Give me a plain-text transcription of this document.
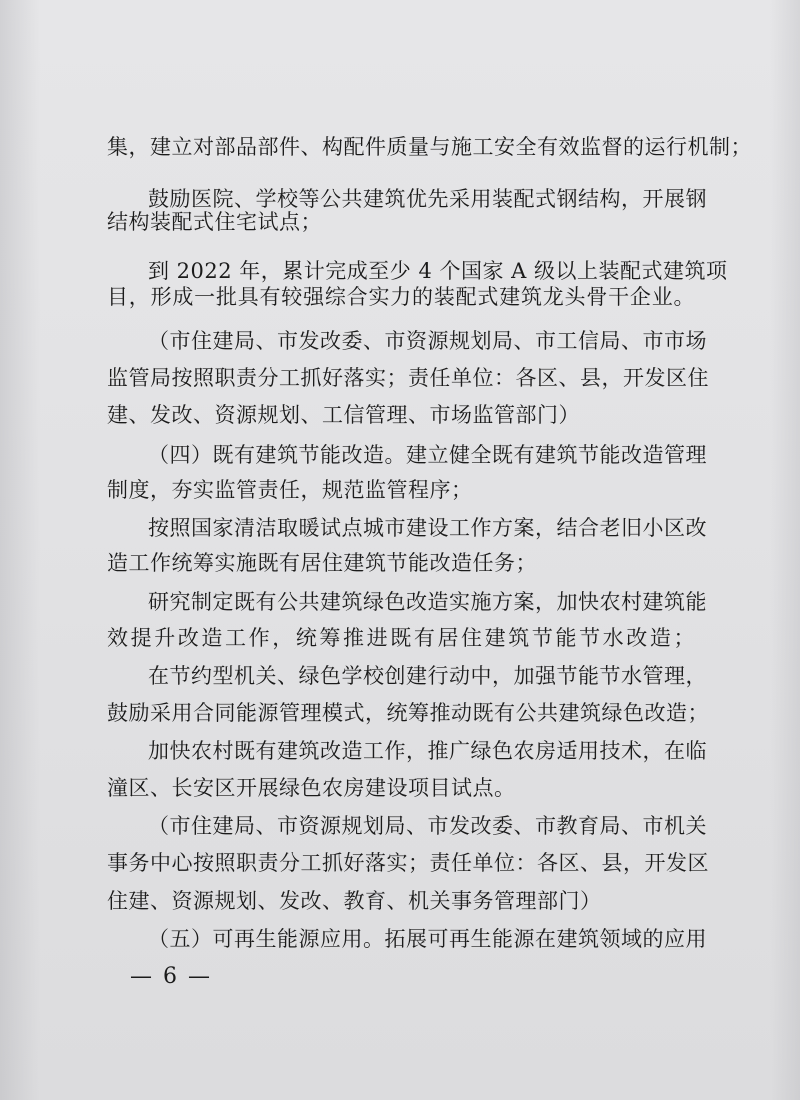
集，建立对部品部件、构配件质量与施工安全有效监督的运行机制；

鼓励医院、学校等公共建筑优先采用装配式钢结构，开展钢

结构装配式住宅试点；

到 2022 年，累计完成至少 4 个国家 A 级以上装配式建筑项

目，形成一批具有较强综合实力的装配式建筑龙头骨干企业。

（市住建局、市发改委、市资源规划局、市工信局、市市场

监管局按照职责分工抓好落实；责任单位：各区、县，开发区住

建、发改、资源规划、工信管理、市场监管部门）

（四）既有建筑节能改造。建立健全既有建筑节能改造管理

制度，夯实监管责任，规范监管程序；

按照国家清洁取暖试点城市建设工作方案，结合老旧小区改

造工作统筹实施既有居住建筑节能改造任务；

研究制定既有公共建筑绿色改造实施方案，加快农村建筑能

效提升改造工作，统筹推进既有居住建筑节能节水改造；

在节约型机关、绿色学校创建行动中，加强节能节水管理，

鼓励采用合同能源管理模式，统筹推动既有公共建筑绿色改造；

加快农村既有建筑改造工作，推广绿色农房适用技术，在临

潼区、长安区开展绿色农房建设项目试点。

（市住建局、市资源规划局、市发改委、市教育局、市机关

事务中心按照职责分工抓好落实；责任单位：各区、县，开发区

住建、资源规划、发改、教育、机关事务管理部门）

（五）可再生能源应用。拓展可再生能源在建筑领域的应用

— 6 —
